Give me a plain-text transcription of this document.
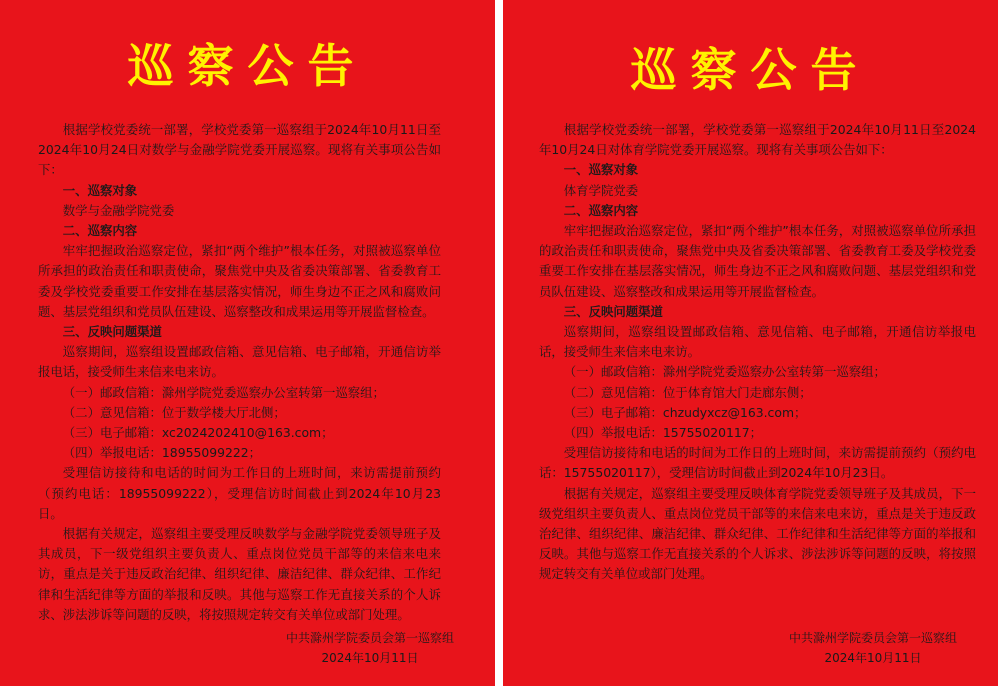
巡察公告

根据学校党委统一部署，学校党委第一巡察组于2024年10月11日至2024年10月24日对数学与金融学院党委开展巡察。现将有关事项公告如下：

一、巡察对象

数学与金融学院党委

二、巡察内容

牢牢把握政治巡察定位，紧扣“两个维护”根本任务，对照被巡察单位所承担的政治责任和职责使命，聚焦党中央及省委决策部署、省委教育工委及学校党委重要工作安排在基层落实情况，师生身边不正之风和腐败问题、基层党组织和党员队伍建设、巡察整改和成果运用等开展监督检查。

三、反映问题渠道

巡察期间，巡察组设置邮政信箱、意见信箱、电子邮箱，开通信访举报电话，接受师生来信来电来访。

（一）邮政信箱：滁州学院党委巡察办公室转第一巡察组；

（二）意见信箱：位于数学楼大厅北侧；

（三）电子邮箱：xc2024202410@163.com；

（四）举报电话：18955099222；

受理信访接待和电话的时间为工作日的上班时间，来访需提前预约（预约电话：18955099222），受理信访时间截止到2024年10月23日。

根据有关规定，巡察组主要受理反映数学与金融学院党委领导班子及其成员，下一级党组织主要负责人、重点岗位党员干部等的来信来电来访，重点是关于违反政治纪律、组织纪律、廉洁纪律、群众纪律、工作纪律和生活纪律等方面的举报和反映。其他与巡察工作无直接关系的个人诉求、涉法涉诉等问题的反映，将按照规定转交有关单位或部门处理。

中共滁州学院委员会第一巡察组
2024年10月11日
巡察公告

根据学校党委统一部署，学校党委第一巡察组于2024年10月11日至2024年10月24日对体育学院党委开展巡察。现将有关事项公告如下：

一、巡察对象

体育学院党委

二、巡察内容

牢牢把握政治巡察定位，紧扣“两个维护”根本任务，对照被巡察单位所承担的政治责任和职责使命，聚焦党中央及省委决策部署、省委教育工委及学校党委重要工作安排在基层落实情况，师生身边不正之风和腐败问题、基层党组织和党员队伍建设、巡察整改和成果运用等开展监督检查。

三、反映问题渠道

巡察期间，巡察组设置邮政信箱、意见信箱、电子邮箱，开通信访举报电话，接受师生来信来电来访。

（一）邮政信箱：滁州学院党委巡察办公室转第一巡察组；

（二）意见信箱：位于体育馆大门走廊东侧；

（三）电子邮箱：chzudyxcz@163.com；

（四）举报电话：15755020117；

受理信访接待和电话的时间为工作日的上班时间，来访需提前预约（预约电话：15755020117），受理信访时间截止到2024年10月23日。

根据有关规定，巡察组主要受理反映体育学院党委领导班子及其成员，下一级党组织主要负责人、重点岗位党员干部等的来信来电来访，重点是关于违反政治纪律、组织纪律、廉洁纪律、群众纪律、工作纪律和生活纪律等方面的举报和反映。其他与巡察工作无直接关系的个人诉求、涉法涉诉等问题的反映，将按照规定转交有关单位或部门处理。

中共滁州学院委员会第一巡察组
2024年10月11日
